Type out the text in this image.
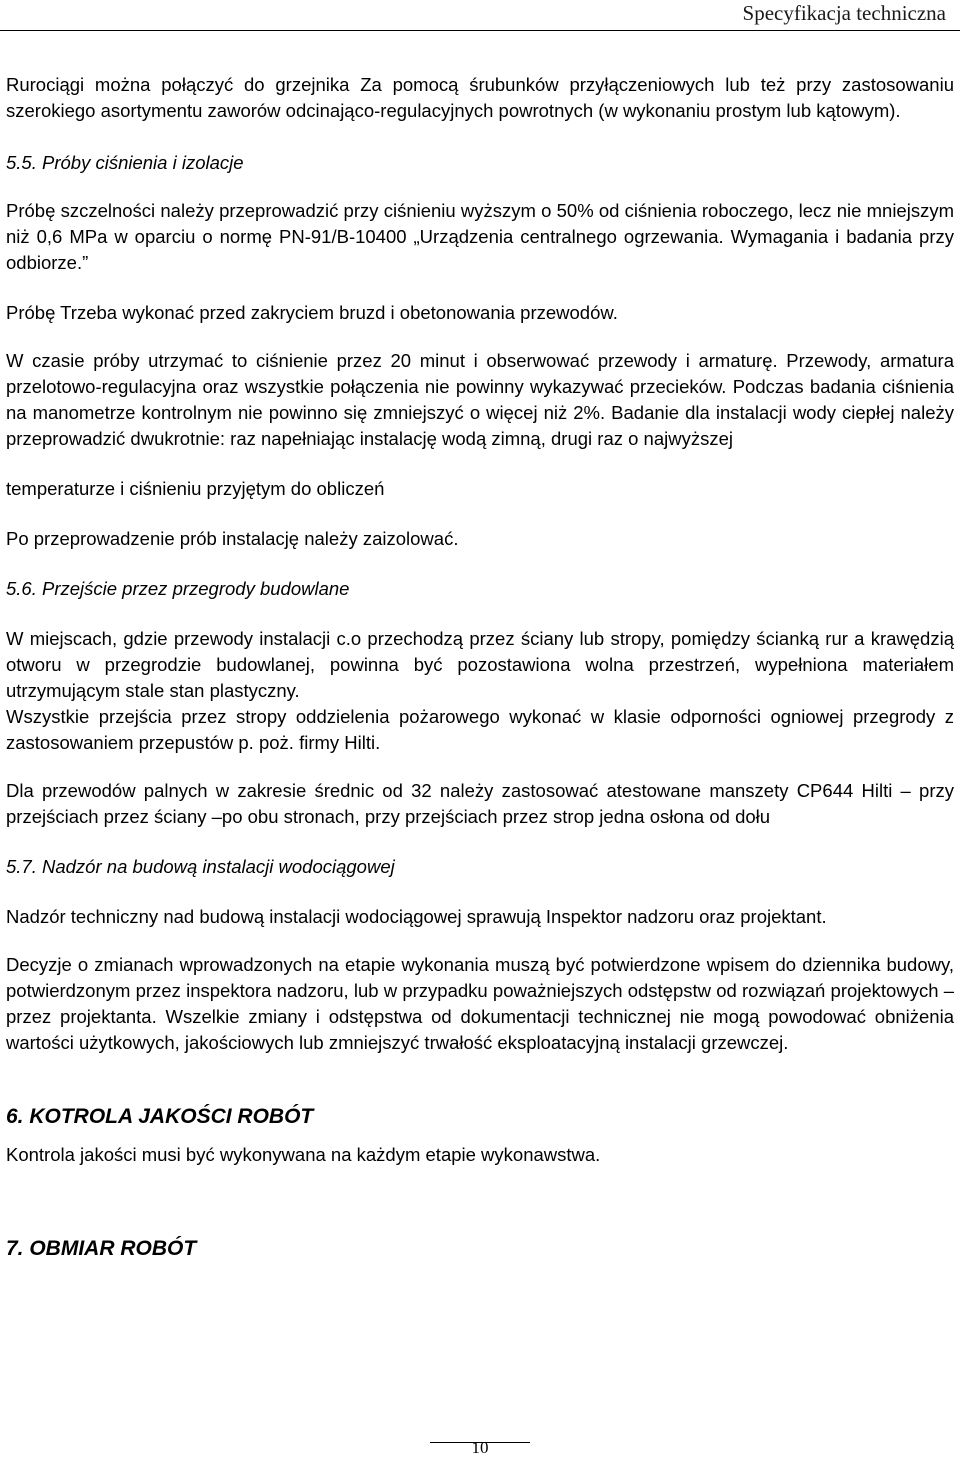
Specyfikacja techniczna

Rurociągi można połączyć do grzejnika Za pomocą śrubunków przyłączeniowych lub też przy zastosowaniu szerokiego asortymentu zaworów odcinająco-regulacyjnych powrotnych (w wykonaniu prostym lub kątowym).

5.5. Próby ciśnienia i izolacje

Próbę szczelności należy przeprowadzić przy ciśnieniu wyższym o 50% od ciśnienia roboczego, lecz nie mniejszym niż 0,6 MPa w oparciu o normę PN-91/B-10400 „Urządzenia centralnego ogrzewania. Wymagania i badania przy odbiorze.”

Próbę Trzeba wykonać przed zakryciem bruzd i obetonowania przewodów.

W czasie próby utrzymać to ciśnienie przez 20 minut i obserwować przewody i armaturę. Przewody, armatura przelotowo-regulacyjna oraz wszystkie połączenia nie powinny wykazywać przecieków. Podczas badania ciśnienia na manometrze kontrolnym nie powinno się zmniejszyć o więcej niż 2%. Badanie dla instalacji wody ciepłej należy przeprowadzić dwukrotnie: raz napełniając instalację wodą zimną, drugi raz o najwyższej

temperaturze i ciśnieniu przyjętym do obliczeń

Po przeprowadzenie prób instalację należy zaizolować.

5.6. Przejście przez przegrody budowlane

W miejscach, gdzie przewody instalacji c.o przechodzą przez ściany lub stropy, pomiędzy ścianką rur a krawędzią otworu w przegrodzie budowlanej, powinna być pozostawiona wolna przestrzeń, wypełniona materiałem utrzymującym stale stan plastyczny.

Wszystkie przejścia przez stropy oddzielenia pożarowego wykonać w klasie odporności ogniowej przegrody z zastosowaniem przepustów p. poż. firmy Hilti.

Dla przewodów palnych w zakresie średnic od 32 należy zastosować atestowane manszety CP644 Hilti – przy przejściach przez ściany –po obu stronach, przy przejściach przez strop jedna osłona od dołu

5.7. Nadzór na budową instalacji wodociągowej

Nadzór techniczny nad budową instalacji wodociągowej sprawują Inspektor nadzoru oraz projektant.

Decyzje o zmianach wprowadzonych na etapie wykonania muszą być potwierdzone wpisem do dziennika budowy, potwierdzonym przez inspektora nadzoru, lub w przypadku poważniejszych odstępstw od rozwiązań projektowych – przez projektanta. Wszelkie zmiany i odstępstwa od dokumentacji technicznej nie mogą powodować obniżenia wartości użytkowych, jakościowych lub zmniejszyć trwałość eksploatacyjną instalacji grzewczej.

6. KOTROLA JAKOŚCI ROBÓT

Kontrola jakości musi być wykonywana na każdym etapie wykonawstwa.

7. OBMIAR ROBÓT

10
